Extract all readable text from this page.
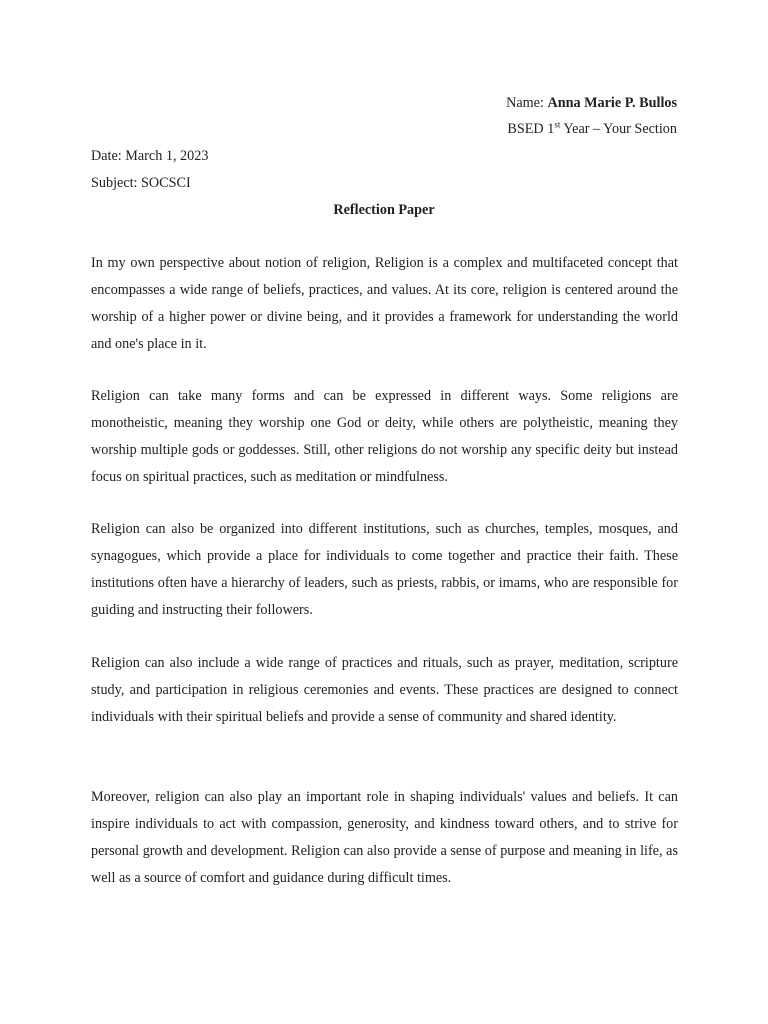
Name: Anna Marie P. Bullos
BSED 1st Year – Your Section
Date: March 1, 2023
Subject: SOCSCI
Reflection Paper

In my own perspective about notion of religion, Religion is a complex and multifaceted concept that encompasses a wide range of beliefs, practices, and values. At its core, religion is centered around the worship of a higher power or divine being, and it provides a framework for understanding the world and one's place in it.

Religion can take many forms and can be expressed in different ways. Some religions are monotheistic, meaning they worship one God or deity, while others are polytheistic, meaning they worship multiple gods or goddesses. Still, other religions do not worship any specific deity but instead focus on spiritual practices, such as meditation or mindfulness.

Religion can also be organized into different institutions, such as churches, temples, mosques, and synagogues, which provide a place for individuals to come together and practice their faith. These institutions often have a hierarchy of leaders, such as priests, rabbis, or imams, who are responsible for guiding and instructing their followers.

Religion can also include a wide range of practices and rituals, such as prayer, meditation, scripture study, and participation in religious ceremonies and events. These practices are designed to connect individuals with their spiritual beliefs and provide a sense of community and shared identity.

Moreover, religion can also play an important role in shaping individuals' values and beliefs. It can inspire individuals to act with compassion, generosity, and kindness toward others, and to strive for personal growth and development. Religion can also provide a sense of purpose and meaning in life, as well as a source of comfort and guidance during difficult times.
